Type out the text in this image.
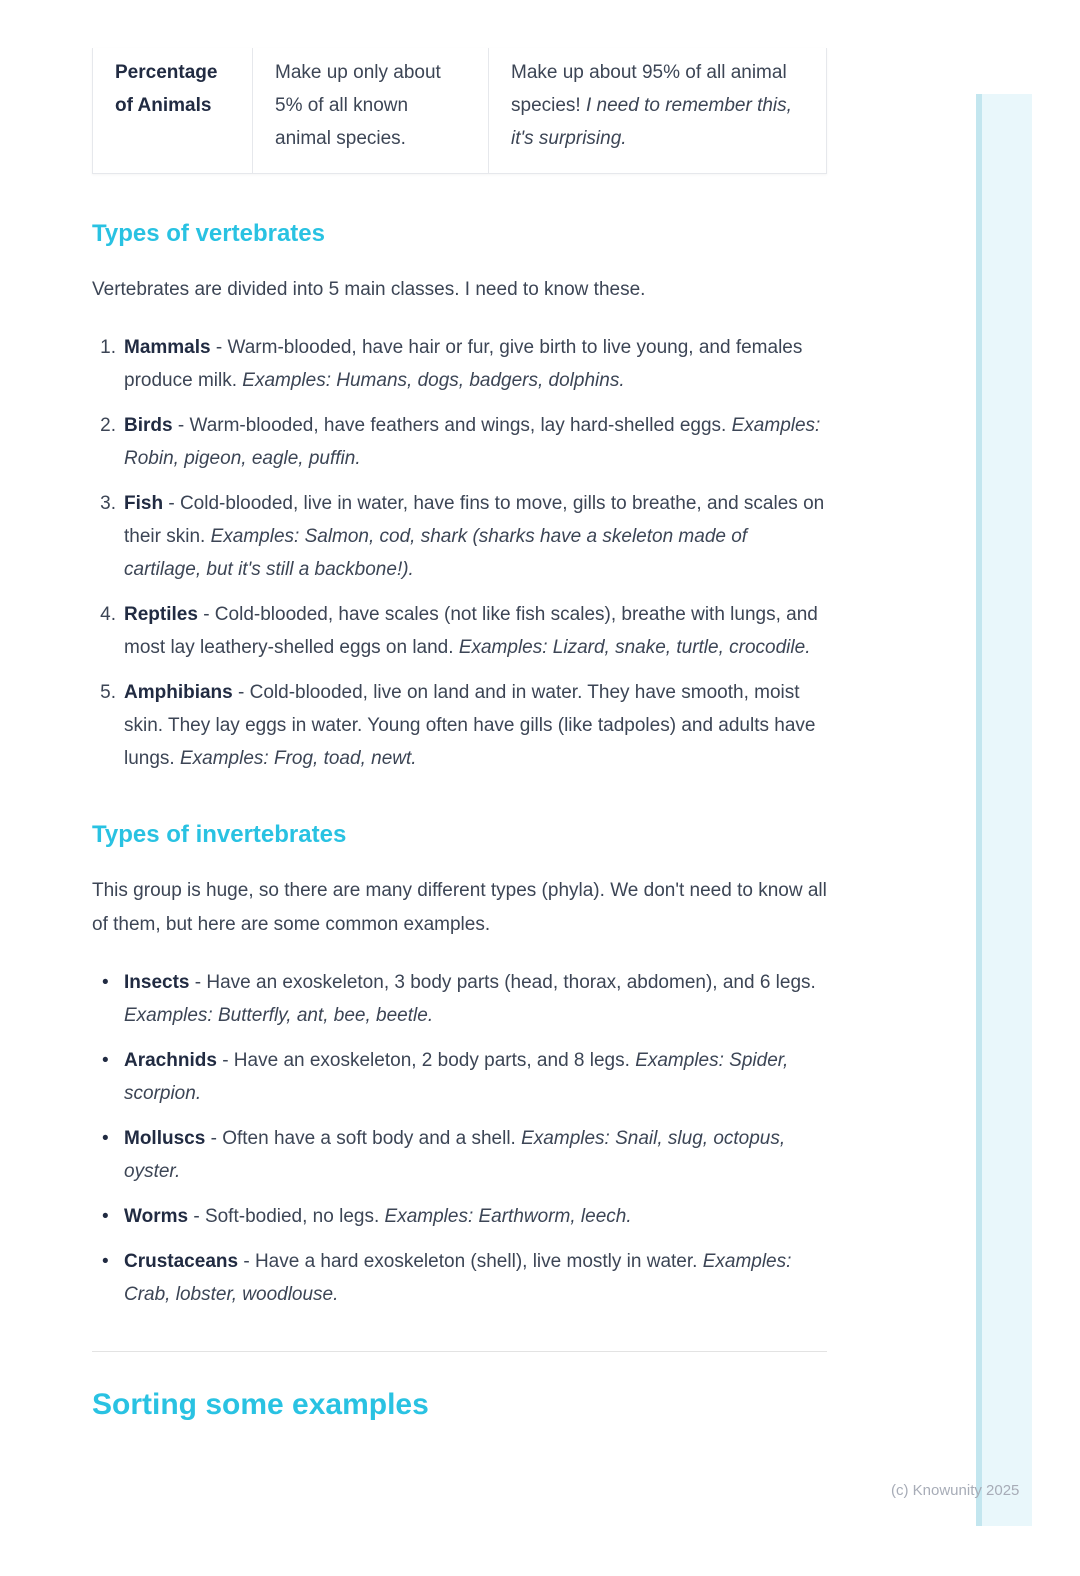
(c) Knowunity 2025
Percentage of Animals
Make up only about 5% of all known animal species.
Make up about 95% of all animal species! I need to remember this, it's surprising.
Types of vertebrates

Vertebrates are divided into 5 main classes. I need to know these.

Mammals - Warm-blooded, have hair or fur, give birth to live young, and females produce milk. Examples: Humans, dogs, badgers, dolphins.
Birds - Warm-blooded, have feathers and wings, lay hard-shelled eggs. Examples: Robin, pigeon, eagle, puffin.
Fish - Cold-blooded, live in water, have fins to move, gills to breathe, and scales on their skin. Examples: Salmon, cod, shark (sharks have a skeleton made of cartilage, but it's still a backbone!).
Reptiles - Cold-blooded, have scales (not like fish scales), breathe with lungs, and most lay leathery-shelled eggs on land. Examples: Lizard, snake, turtle, crocodile.
Amphibians - Cold-blooded, live on land and in water. They have smooth, moist skin. They lay eggs in water. Young often have gills (like tadpoles) and adults have lungs. Examples: Frog, toad, newt.
Types of invertebrates

This group is huge, so there are many different types (phyla). We don't need to know all of them, but here are some common examples.

• Insects - Have an exoskeleton, 3 body parts (head, thorax, abdomen), and 6 legs. Examples: Butterfly, ant, bee, beetle.
• Arachnids - Have an exoskeleton, 2 body parts, and 8 legs. Examples: Spider, scorpion.
• Molluscs - Often have a soft body and a shell. Examples: Snail, slug, octopus, oyster.
• Worms - Soft-bodied, no legs. Examples: Earthworm, leech.
• Crustaceans - Have a hard exoskeleton (shell), live mostly in water. Examples: Crab, lobster, woodlouse.
Sorting some examples
